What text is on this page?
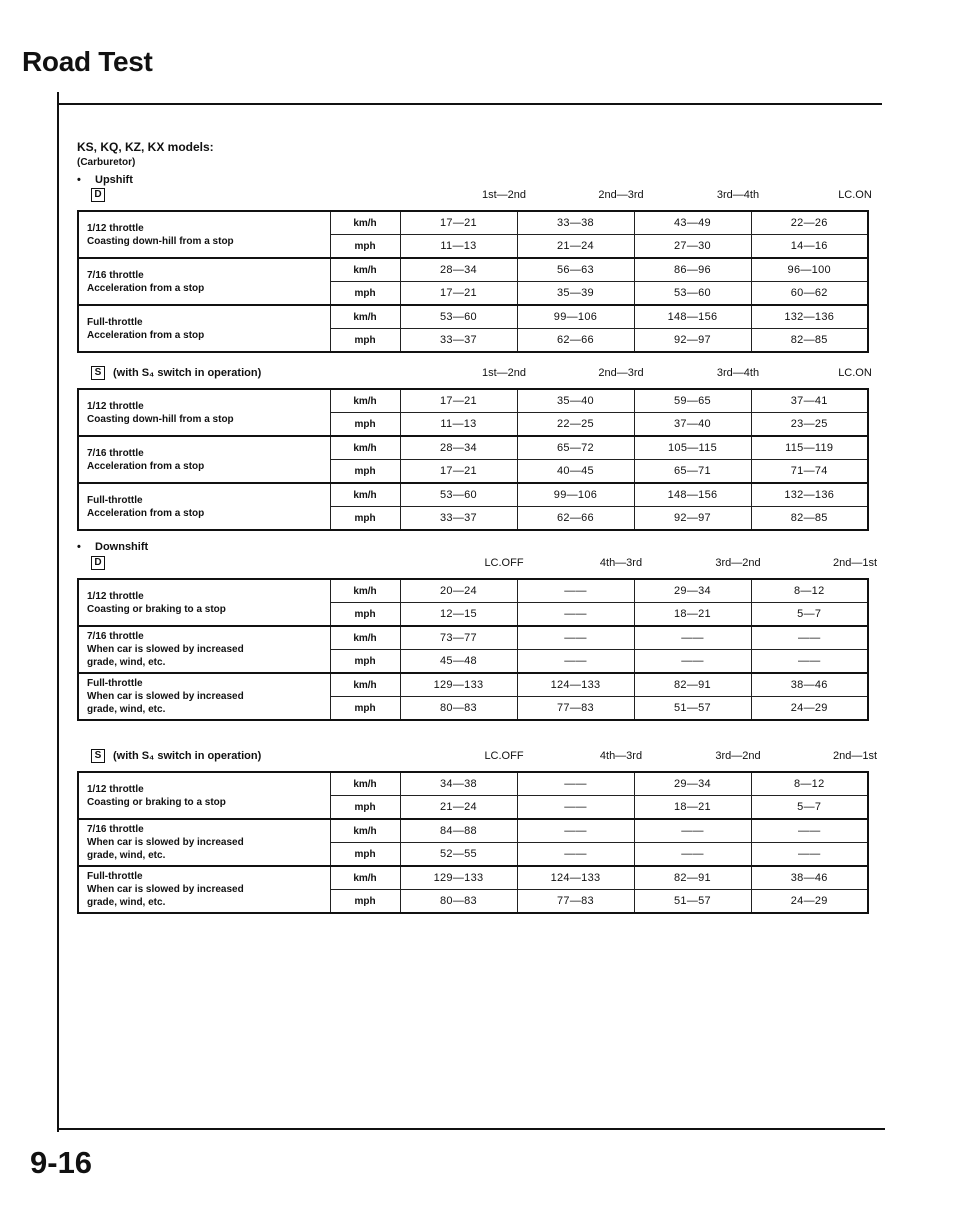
Road Test
KS, KQ, KZ, KX models:
(Carburetor)
• Upshift
• Downshift
D	1st—2nd	2nd—3rd	3rd—4th	LC.ON
S	(with S₄ switch in operation)	1st—2nd	2nd—3rd	3rd—4th	LC.ON
D	LC.OFF	4th—3rd	3rd—2nd	2nd—1st
S	(with S₄ switch in operation)	LC.OFF	4th—3rd	3rd—2nd	2nd—1st
1/12 throttle
Coasting down-hill from a stop	km/h	17—21	33—38	43—49	22—26
	mph	11—13	21—24	27—30	14—16

7/16 throttle
Acceleration from a stop	km/h	28—34	56—63	86—96	96—100
	mph	17—21	35—39	53—60	60—62

Full-throttle
Acceleration from a stop	km/h	53—60	99—106	148—156	132—136
	mph	33—37	62—66	92—97	82—85
1/12 throttle
Coasting down-hill from a stop	km/h	17—21	35—40	59—65	37—41
	mph	11—13	22—25	37—40	23—25

7/16 throttle
Acceleration from a stop	km/h	28—34	65—72	105—115	115—119
	mph	17—21	40—45	65—71	71—74

Full-throttle
Acceleration from a stop	km/h	53—60	99—106	148—156	132—136
	mph	33—37	62—66	92—97	82—85
1/12 throttle
Coasting or braking to a stop	km/h	20—24	——	29—34	8—12
	mph	12—15	——	18—21	5—7

7/16 throttle
When car is slowed by increased
grade, wind, etc.	km/h	73—77	——	——	——
	mph	45—48	——	——	——

Full-throttle
When car is slowed by increased
grade, wind, etc.	km/h	129—133	124—133	82—91	38—46
	mph	80—83	77—83	51—57	24—29
1/12 throttle
Coasting or braking to a stop	km/h	34—38	——	29—34	8—12
	mph	21—24	——	18—21	5—7

7/16 throttle
When car is slowed by increased
grade, wind, etc.	km/h	84—88	——	——	——
	mph	52—55	——	——	——

Full-throttle
When car is slowed by increased
grade, wind, etc.	km/h	129—133	124—133	82—91	38—46
	mph	80—83	77—83	51—57	24—29
9-16
